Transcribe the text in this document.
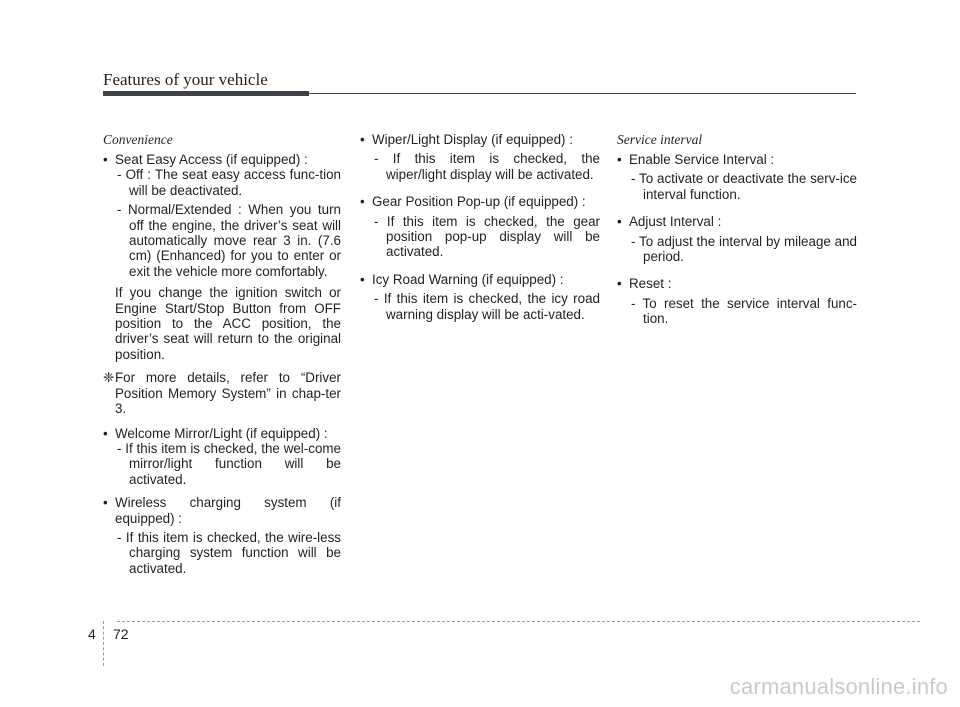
Features of your vehicle
Convenience
• Seat Easy Access (if equipped) :
- Off : The seat easy access func-tion will be deactivated.
- Normal/Extended : When you turn off the engine, the driver’s seat will automatically move rear 3 in. (7.6 cm) (Enhanced) for you to enter or exit the vehicle more comfortably.
If you change the ignition switch or Engine Start/Stop Button from OFF position to the ACC position, the driver’s seat will return to the original position.
❈For more details, refer to “Driver Position Memory System” in chap-ter 3.
• Welcome Mirror/Light (if equipped) :
- If this item is checked, the wel-come mirror/light function will be activated.
• Wireless charging system (if equipped) :
- If this item is checked, the wire-less charging system function will be activated.
• Wiper/Light Display (if equipped) :
- If this item is checked, the wiper/light display will be activated.
• Gear Position Pop-up (if equipped) :
- If this item is checked, the gear position pop-up display will be activated.
• Icy Road Warning (if equipped) :
- If this item is checked, the icy road warning display will be acti-vated.
Service interval
• Enable Service Interval :
- To activate or deactivate the serv-ice interval function.
• Adjust Interval :
- To adjust the interval by mileage and period.
• Reset :
- To reset the service interval func-tion.
4 72
carmanualsonline.info
